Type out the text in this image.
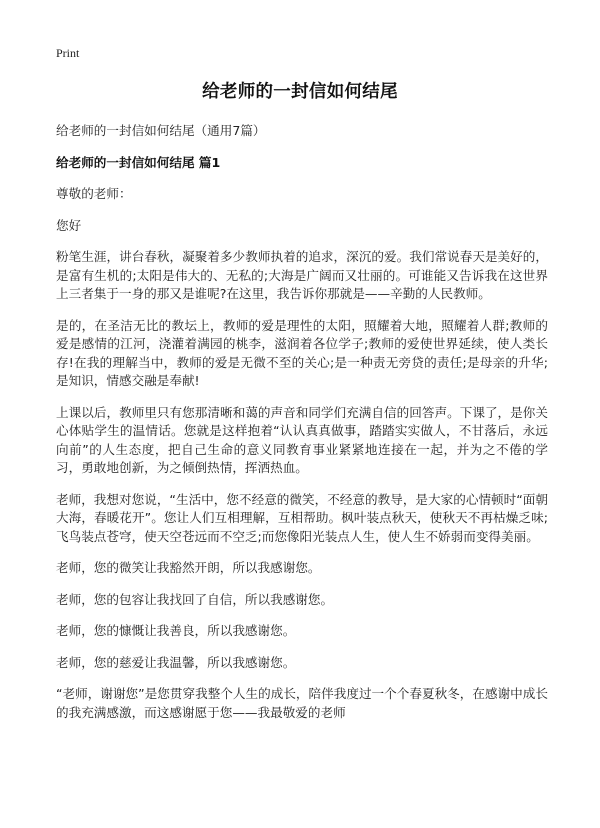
Print
给老师的一封信如何结尾

给老师的一封信如何结尾（通用7篇）

给老师的一封信如何结尾 篇1

尊敬的老师：

您好

粉笔生涯，讲台春秋，凝聚着多少教师执着的追求，深沉的爱。我们常说春天是美好的，是富有生机的;太阳是伟大的、无私的;大海是广阔而又壮丽的。可谁能又告诉我在这世界上三者集于一身的那又是谁呢?在这里，我告诉你那就是——辛勤的人民教师。

是的，在圣洁无比的教坛上，教师的爱是理性的太阳，照耀着大地，照耀着人群;教师的爱是感情的江河，浇灌着满园的桃李，滋润着各位学子;教师的爱使世界延续，使人类长存!在我的理解当中，教师的爱是无微不至的关心;是一种责无旁贷的责任;是母亲的升华;是知识，情感交融是奉献!

上课以后，教师里只有您那清晰和蔼的声音和同学们充满自信的回答声。下课了，是你关心体贴学生的温情话。您就是这样抱着“认认真真做事，踏踏实实做人，不甘落后，永远向前”的人生态度，把自己生命的意义同教育事业紧紧地连接在一起，并为之不倦的学习，勇敢地创新，为之倾倒热情，挥洒热血。

老师，我想对您说，“生活中，您不经意的微笑，不经意的教导，是大家的心情顿时“面朝大海，春暖花开”。您让人们互相理解，互相帮助。枫叶装点秋天，使秋天不再枯燥乏味;飞鸟装点苍穹，使天空苍远而不空乏;而您像阳光装点人生，使人生不娇弱而变得美丽。

老师，您的微笑让我豁然开朗，所以我感谢您。

老师，您的包容让我找回了自信，所以我感谢您。

老师，您的慷慨让我善良，所以我感谢您。

老师，您的慈爱让我温馨，所以我感谢您。

“老师，谢谢您”是您贯穿我整个人生的成长，陪伴我度过一个个春夏秋冬，在感谢中成长的我充满感激，而这感谢愿于您——我最敬爱的老师
